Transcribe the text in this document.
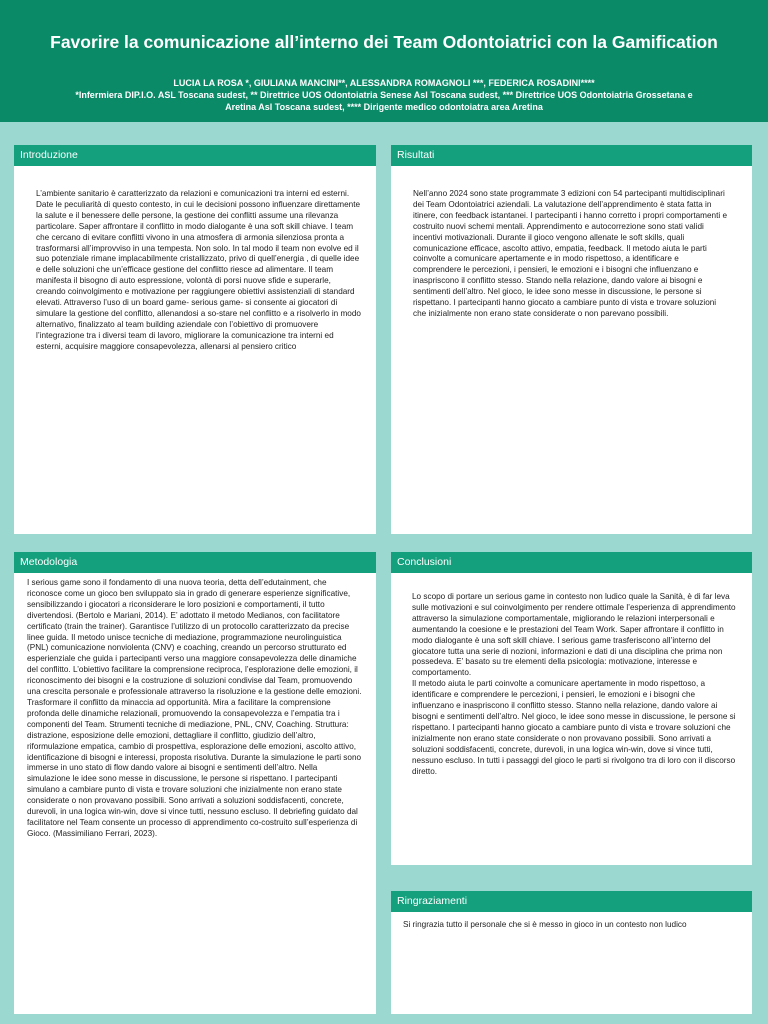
Favorire la comunicazione all’interno dei Team Odontoiatrici con la Gamification
LUCIA LA ROSA *, GIULIANA MANCINI**, ALESSANDRA ROMAGNOLI ***, FEDERICA ROSADINI****
*Infermiera DIP.I.O. ASL Toscana sudest, ** Direttrice UOS Odontoiatria Senese Asl Toscana sudest, *** Direttrice UOS Odontoiatria Grossetana e
Aretina Asl Toscana sudest, **** Dirigente medico odontoiatra area Aretina
Introduzione

L’ambiente sanitario è caratterizzato da relazioni e comunicazioni tra interni ed esterni. Date le peculiarità di questo contesto, in cui le decisioni possono influenzare direttamente la salute e il benessere delle persone, la gestione dei conflitti assume una rilevanza particolare. Saper affrontare il conflitto in modo dialogante è una soft skill chiave. I team che cercano di evitare conflitti vivono in una atmosfera di armonia silenziosa pronta a trasformarsi all’improvviso in una tempesta. Non solo. In tal modo il team non evolve ed il suo potenziale rimane implacabilmente cristallizzato, privo di quell’energia , di quelle idee e delle soluzioni che un’efficace gestione del conflitto riesce ad alimentare. Il team manifesta il bisogno di auto espressione, volontà di porsi nuove sfide e superarle, creando coinvolgimento e motivazione per raggiungere obiettivi assistenziali di standard elevati. Attraverso l’uso di un board game- serious game- si consente ai giocatori di simulare la gestione del conflitto, allenandosi a so-stare nel conflitto e a risolverlo in modo alternativo, finalizzato al team building aziendale con l’obiettivo di promuovere l’integrazione tra i diversi team di lavoro, migliorare la comunicazione tra interni ed esterni, acquisire maggiore consapevolezza, allenarsi al pensiero critico

Risultati

Nell’anno 2024 sono state programmate 3 edizioni con 54 partecipanti multidisciplinari dei Team Odontoiatrici aziendali. La valutazione dell’apprendimento è stata fatta in itinere, con feedback istantanei. I partecipanti i hanno corretto i propri comportamenti e costruito nuovi schemi mentali. Apprendimento e autocorrezione sono stati validi incentivi motivazionali. Durante il gioco vengono allenate le soft skills, quali comunicazione efficace, ascolto attivo, empatia, feedback. Il metodo aiuta le parti coinvolte a comunicare apertamente e in modo rispettoso, a identificare e comprendere le percezioni, i pensieri, le emozioni e i bisogni che influenzano e inaspriscono il conflitto stesso. Stando nella relazione, dando valore ai bisogni e sentimenti dell’altro. Nel gioco, le idee sono messe in discussione, le persone si rispettano. I partecipanti hanno giocato a cambiare punto di vista e trovare soluzioni che inizialmente non erano state considerate o non parevano possibili.

Metodologia

I serious game sono il fondamento di una nuova teoria, detta dell’edutainment, che riconosce come un gioco ben sviluppato sia in grado di generare esperienze significative, sensibilizzando i giocatori a riconsiderare le loro posizioni e comportamenti, il tutto divertendosi. (Bertolo e Mariani, 2014). E’ adottato il metodo Medianos, con facilitatore certificato (train the trainer). Garantisce l’utilizzo di un protocollo caratterizzato da precise linee guida. Il metodo unisce tecniche di mediazione, programmazione neurolinguistica (PNL) comunicazione nonviolenta (CNV) e coaching, creando un percorso strutturato ed esperienziale che guida i partecipanti verso una maggiore consapevolezza delle dinamiche del conflitto. L’obiettivo facilitare la comprensione reciproca, l’esplorazione delle emozioni, il riconoscimento dei bisogni e la costruzione di soluzioni condivise dal Team, promuovendo una crescita personale e professionale attraverso la risoluzione e la gestione delle emozioni. Trasformare il conflitto da minaccia ad opportunità. Mira a facilitare la comprensione profonda delle dinamiche relazionali, promuovendo la consapevolezza e l’empatia tra i componenti del Team. Strumenti tecniche di mediazione, PNL, CNV, Coaching. Struttura: distrazione, esposizione delle emozioni, dettagliare il conflitto, giudizio dell’altro, riformulazione empatica, cambio di prospettiva, esplorazione delle emozioni, ascolto attivo, identificazione di bisogni e interessi, proposta risolutiva. Durante la simulazione le parti sono immerse in uno stato di flow dando valore ai bisogni e sentimenti dell’altro. Nella simulazione le idee sono messe in discussione, le persone si rispettano. I partecipanti simulano a cambiare punto di vista e trovare soluzioni che inizialmente non erano state considerate o non provavano possibili. Sono arrivati a soluzioni soddisfacenti, concrete, durevoli, in una logica win-win, dove si vince tutti, nessuno escluso. Il debriefing guidato dal facilitatore nel Team consente un processo di apprendimento co-costruito sull’esperienza di Gioco. (Massimiliano Ferrari, 2023).

Conclusioni

Lo scopo di portare un serious game in contesto non ludico quale la Sanità, è di far leva sulle motivazioni e sul coinvolgimento per rendere ottimale l’esperienza di apprendimento attraverso la simulazione comportamentale, migliorando le relazioni interpersonali e aumentando la coesione e le prestazioni del Team Work. Saper affrontare il conflitto in modo dialogante è una soft skill chiave. I serious game trasferiscono all’interno del giocatore tutta una serie di nozioni, informazioni e dati di una disciplina che prima non possedeva. E’ basato su tre elementi della psicologia: motivazione, interesse e comportamento.

Il metodo aiuta le parti coinvolte a comunicare apertamente in modo rispettoso, a identificare e comprendere le percezioni, i pensieri, le emozioni e i bisogni che influenzano e inaspriscono il conflitto stesso. Stanno nella relazione, dando valore ai bisogni e sentimenti dell’altro. Nel gioco, le idee sono messe in discussione, le persone si rispettano. I partecipanti hanno giocato a cambiare punto di vista e trovare soluzioni che inizialmente non erano state considerate o non provavano possibili. Sono arrivati a soluzioni soddisfacenti, concrete, durevoli, in una logica win-win, dove si vince tutti, nessuno escluso. In tutti i passaggi del gioco le parti si rivolgono tra di loro con il discorso diretto.

Ringraziamenti

Si ringrazia tutto il personale che si è messo in gioco in un contesto non ludico
